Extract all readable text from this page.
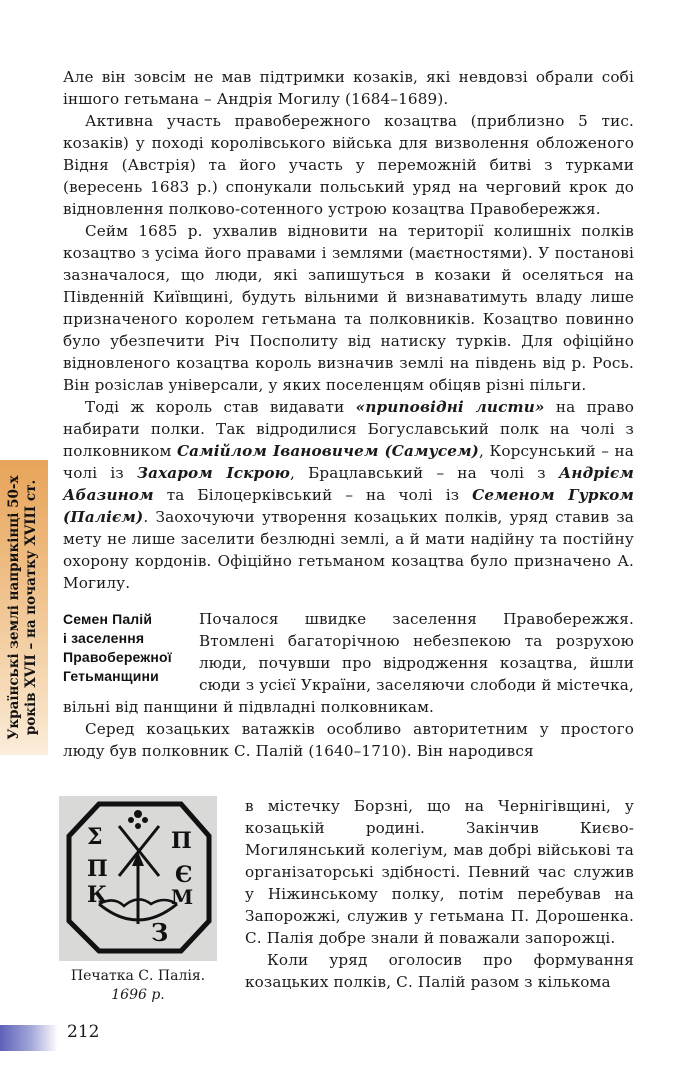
Українські землі наприкінці 50-х років XVII – на початку XVIII ст.

Але він зовсім не мав підтримки козаків, які невдовзі обрали собі іншого гетьмана – Андрія Могилу (1684–1689).

Активна участь правобережного козацтва (приблизно 5 тис. козаків) у поході королівського війська для визволення обложеного Відня (Австрія) та його участь у переможній битві з турками (вересень 1683 р.) спонукали польський уряд на черговий крок до відновлення полково-сотенного устрою козацтва Правобережжя.

Сейм 1685 р. ухвалив відновити на території колишніх полків козацтво з усіма його правами і землями (маєтностями). У постанові зазначалося, що люди, які запишуться в козаки й оселяться на Південній Київщині, будуть вільними й визнаватимуть владу лише призначеного королем гетьмана та полковників. Козацтво повинно було убезпечити Річ Посполиту від натиску турків. Для офіційно відновленого козацтва король визначив землі на південь від р. Рось. Він розіслав універсали, у яких поселенцям обіцяв різні пільги.

Тоді ж король став видавати «приповідні листи» на право набирати полки. Так відродилися Богуславський полк на чолі з полковником Самійлом Івановичем (Самусем), Корсунський – на чолі із Захаром Іскрою, Брацлавський – на чолі з Андрієм Абазином та Білоцерківський – на чолі із Семеном Гурком (Палієм). Заохочуючи утворення козацьких полків, уряд ставив за мету не лише заселити безлюдні землі, а й мати надійну та постійну охорону кордонів. Офіційно гетьманом козацтва було призначено А. Могилу.

Семен Палій
і заселення
Правобережної
Гетьманщини

Почалося швидке заселення Правобережжя. Втомлені багаторічною небезпекою та розрухою люди, почувши про відродження козацтва, йшли сюди з усієї України, заселяючи слободи й містечка, вільні від панщини й підвладні полковникам.

Серед козацьких ватажків особливо авторитетним у простого люду був полковник С. Палій (1640–1710). Він народився

Σ
П
К
П
Є
М
З
Печатка С. Палія.
1696 р.
в містечку Борзні, що на Чернігівщині, у козацькій родині. Закінчив Києво-Могилянський колегіум, мав добрі військові та організаторські здібності. Певний час служив у Ніжинському полку, потім перебував на Запорожжі, служив у гетьмана П. Дорошенка. С. Палія добре знали й поважали запорожці.

Коли уряд оголосив про формування козацьких полків, С. Палій разом з кількома

212
